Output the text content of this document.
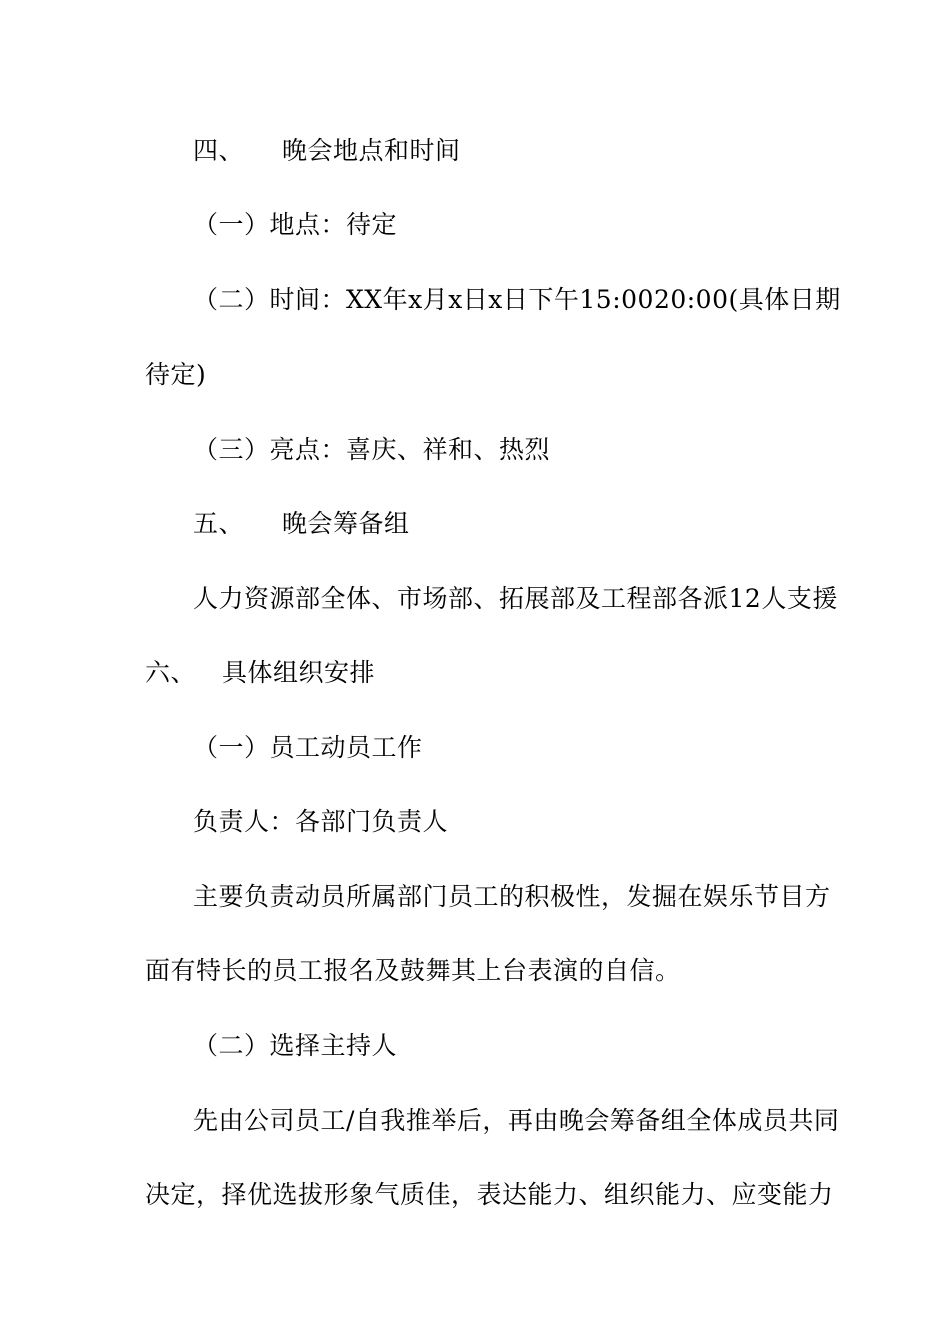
四、 晚会地点和时间
（一）地点：待定
（二）时间：XX年x月x日x日下午15:0020:00(具体日期
待定)
（三）亮点：喜庆、祥和、热烈
五、 晚会筹备组
人力资源部全体、市场部、拓展部及工程部各派12人支援
六、 具体组织安排
（一）员工动员工作
负责人：各部门负责人
主要负责动员所属部门员工的积极性，发掘在娱乐节目方
面有特长的员工报名及鼓舞其上台表演的自信。
（二）选择主持人
先由公司员工/自我推举后，再由晚会筹备组全体成员共同
决定，择优选拔形象气质佳，表达能力、组织能力、应变能力
